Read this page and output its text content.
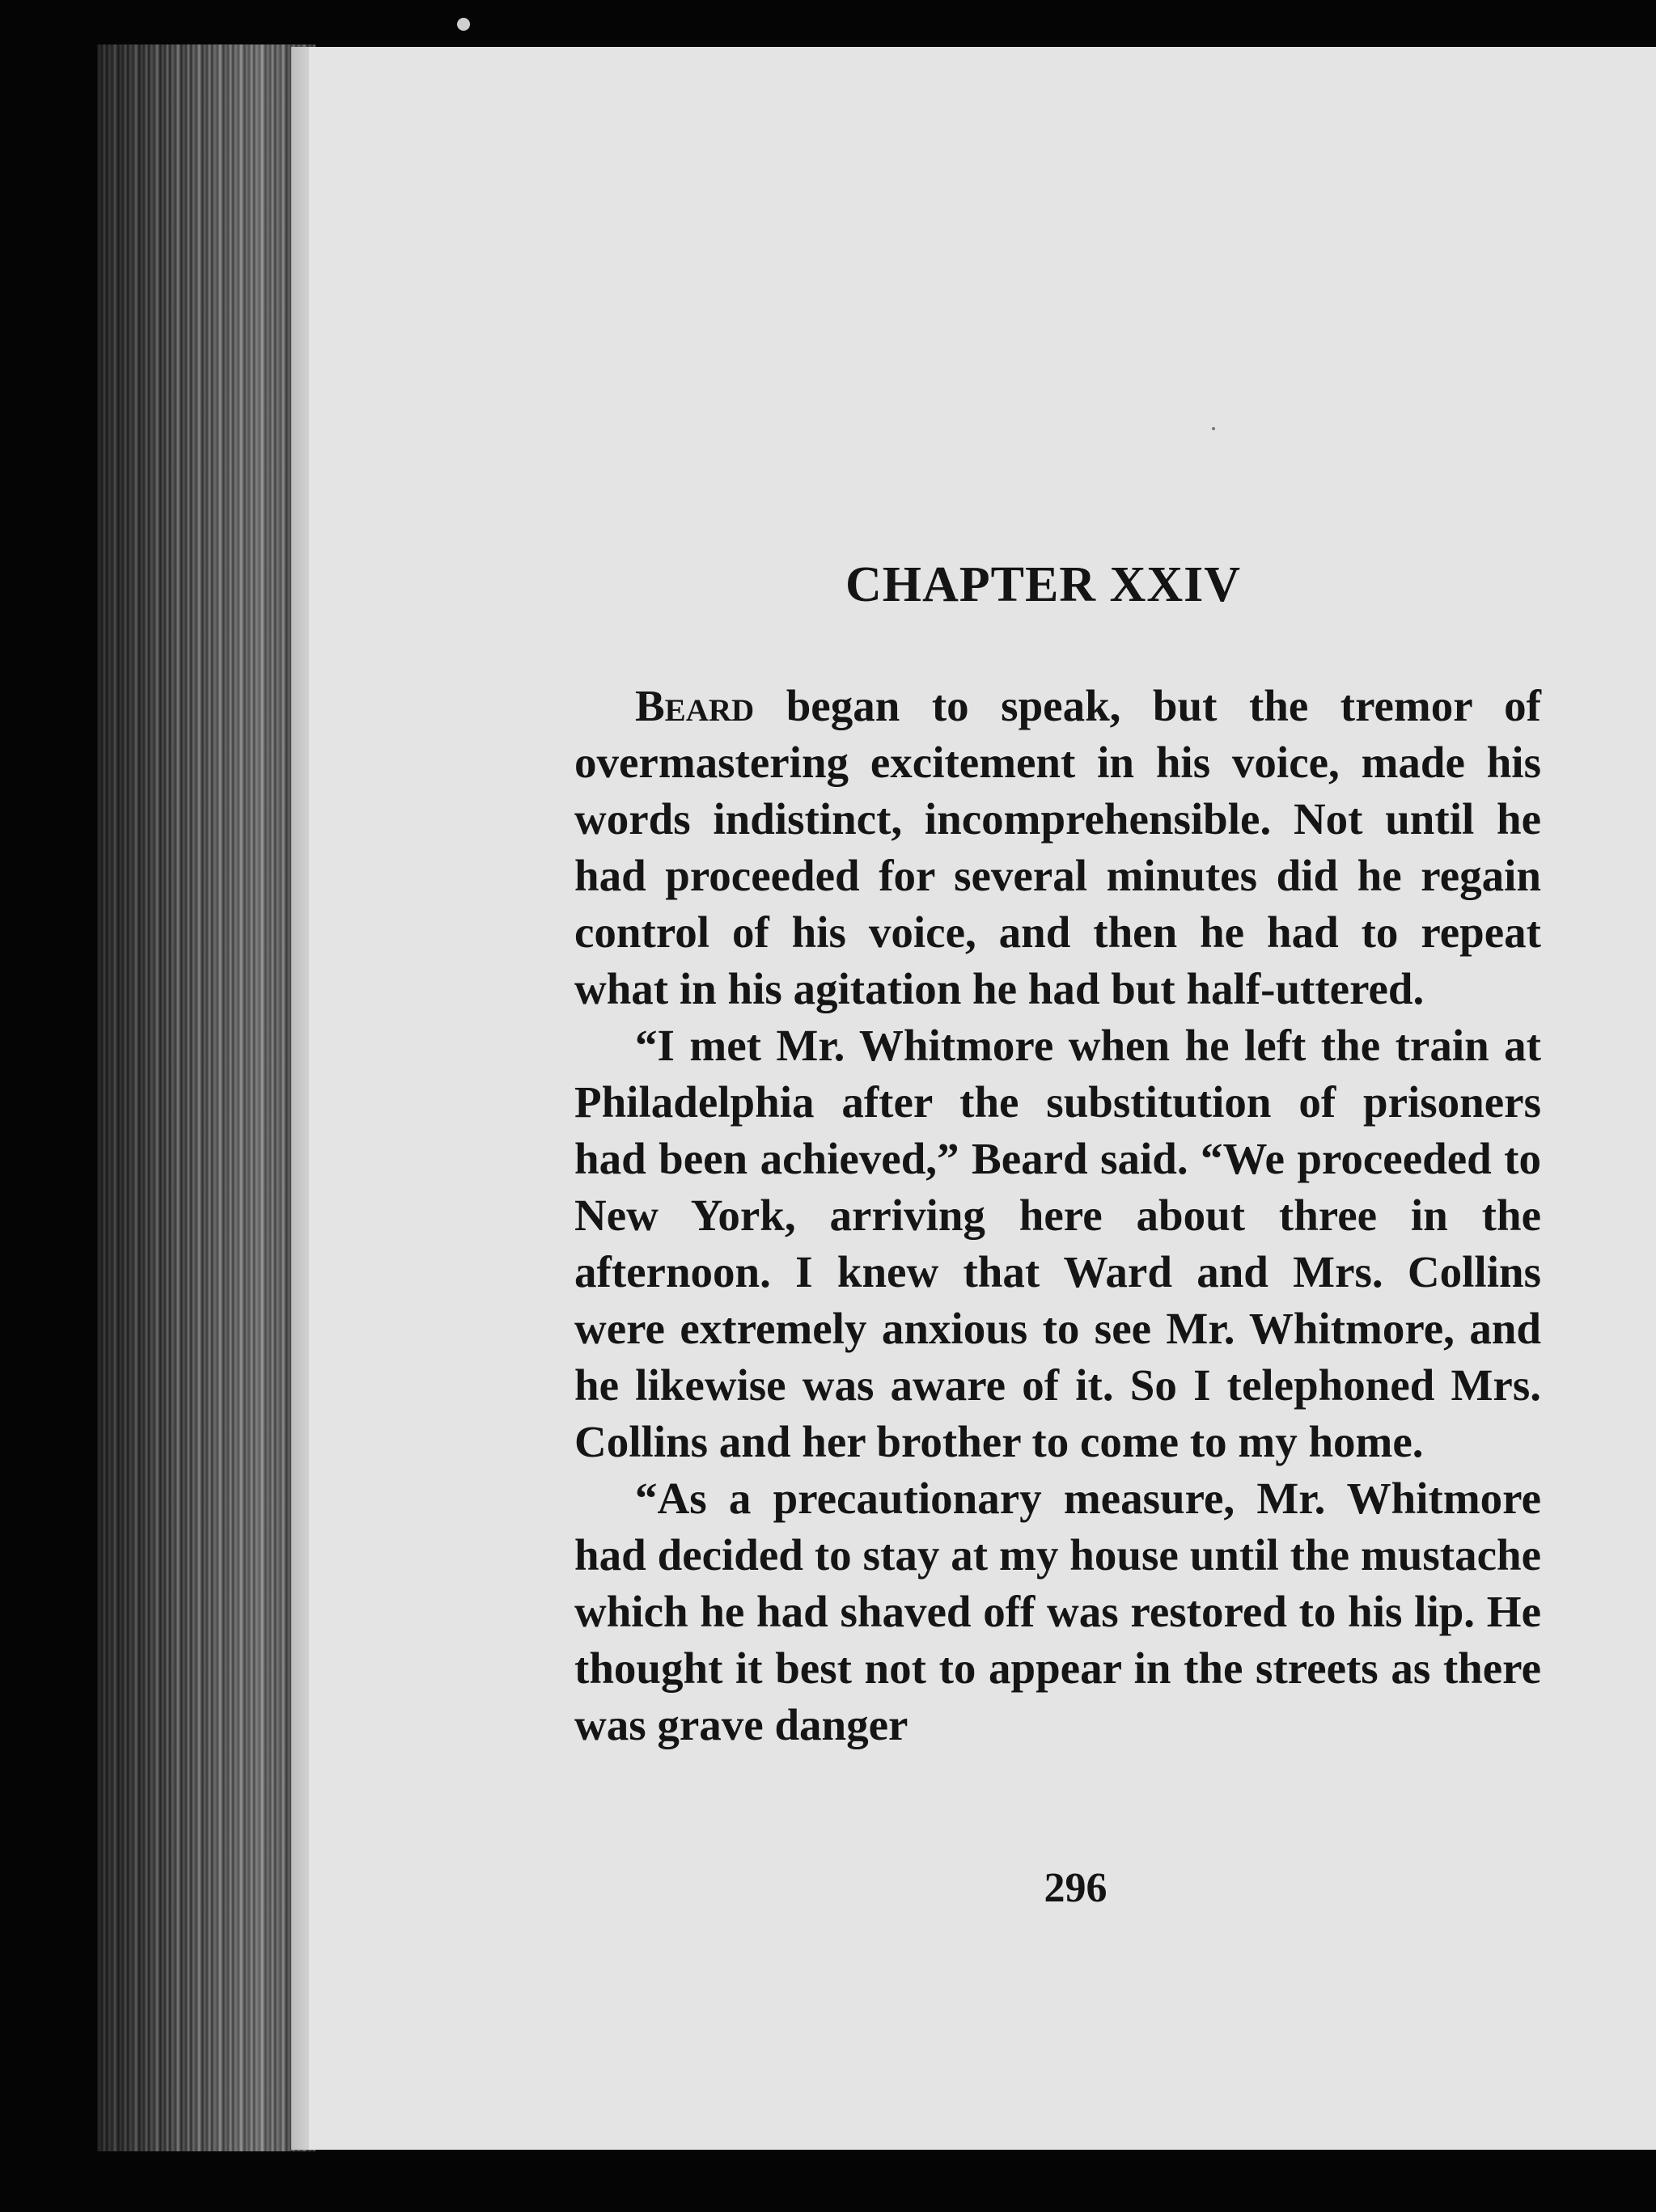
CHAPTER XXIV

Beard began to speak, but the tremor of overmastering excitement in his voice, made his words indistinct, incomprehensible. Not until he had proceeded for several minutes did he regain control of his voice, and then he had to repeat what in his agitation he had but half-uttered.

“I met Mr. Whitmore when he left the train at Philadelphia after the substitution of prisoners had been achieved,” Beard said. “We proceeded to New York, arriving here about three in the afternoon. I knew that Ward and Mrs. Collins were extremely anxious to see Mr. Whitmore, and he likewise was aware of it. So I telephoned Mrs. Collins and her brother to come to my home.

“As a precautionary measure, Mr. Whitmore had decided to stay at my house until the mustache which he had shaved off was restored to his lip. He thought it best not to appear in the streets as there was grave danger

296
